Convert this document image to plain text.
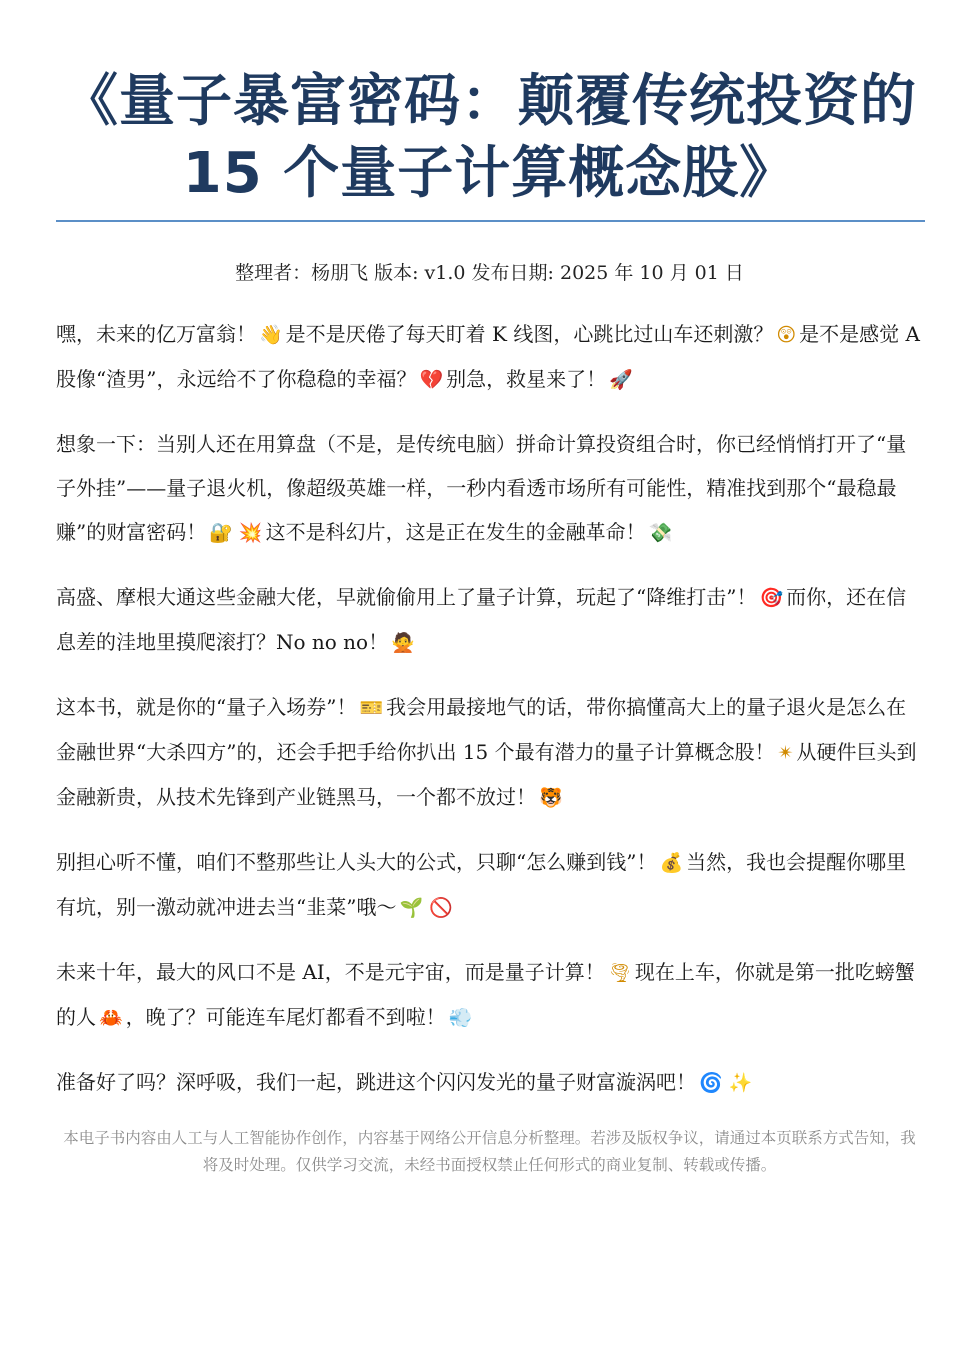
《量子暴富密码：颠覆传统投资的
15 个量子计算概念股》
整理者：杨朋飞 版本: v1.0 发布日期: 2025 年 10 月 01 日

嘿，未来的亿万富翁！ 👋 是不是厌倦了每天盯着 K 线图，心跳比过山车还刺激？ 😲 是不是感觉 A 股像“渣男”，永远给不了你稳稳的幸福？ 💔 别急，救星来了！ 🚀

想象一下：当别人还在用算盘（不是，是传统电脑）拼命计算投资组合时，你已经悄悄打开了“量子外挂”——量子退火机，像超级英雄一样，一秒内看透市场所有可能性，精准找到那个“最稳最赚”的财富密码！ 🔐 💥 这不是科幻片，这是正在发生的金融革命！ 💸

高盛、摩根大通这些金融大佬，早就偷偷用上了量子计算，玩起了“降维打击”！ 🎯 而你，还在信息差的洼地里摸爬滚打？No no no！ 🙅

这本书，就是你的“量子入场券”！ 🎫 我会用最接地气的话，带你搞懂高大上的量子退火是怎么在金融世界“大杀四方”的，还会手把手给你扒出 15 个最有潜力的量子计算概念股！ ✴ 从硬件巨头到金融新贵，从技术先锋到产业链黑马，一个都不放过！ 🐯

别担心听不懂，咱们不整那些让人头大的公式，只聊“怎么赚到钱”！ 💰 当然，我也会提醒你哪里有坑，别一激动就冲进去当“韭菜”哦～ 🌱 🚫

未来十年，最大的风口不是 AI，不是元宇宙，而是量子计算！ 🌪 现在上车，你就是第一批吃螃蟹的人 🦀 ，晚了？可能连车尾灯都看不到啦！ 💨

准备好了吗？深呼吸，我们一起，跳进这个闪闪发光的量子财富漩涡吧！ 🌀 ✨

本电子书内容由人工与人工智能协作创作，内容基于网络公开信息分析整理。若涉及版权争议，请通过本页联系方式告知，我将及时处理。仅供学习交流，未经书面授权禁止任何形式的商业复制、转载或传播。
